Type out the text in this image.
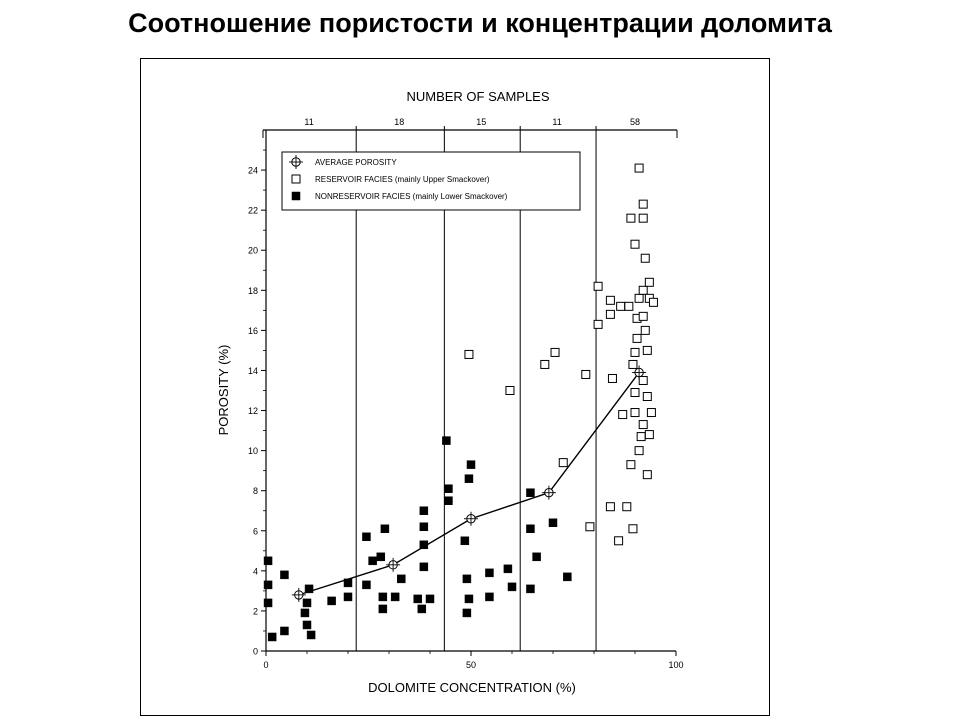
Соотношение пористости и концентрации доломита
NUMBER OF SAMPLES
DOLOMITE CONCENTRATION (%)
POROSITY (%)
0
2
4
6
8
10
12
14
16
18
20
22
24
0	50	100
11	18	15	11	58
AVERAGE POROSITY
RESERVOIR FACIES (mainly Upper Smackover)
NONRESERVOIR FACIES (mainly Lower Smackover)
